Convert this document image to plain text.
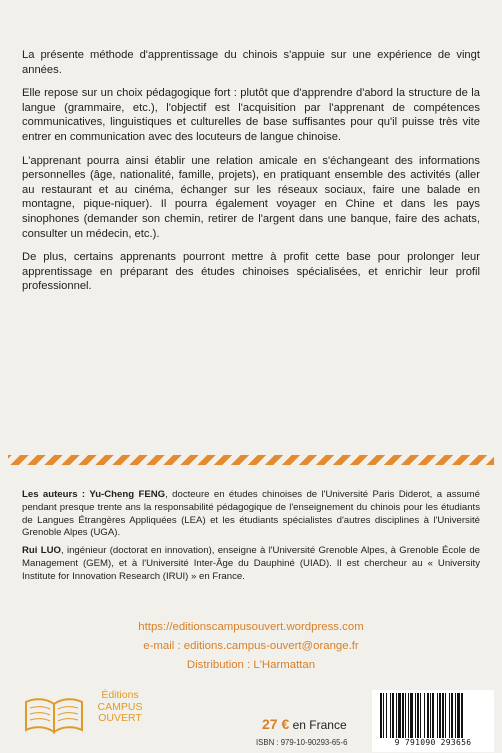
La présente méthode d'apprentissage du chinois s'appuie sur une expérience de vingt années.

Elle repose sur un choix pédagogique fort : plutôt que d'apprendre d'abord la structure de la langue (grammaire, etc.), l'objectif est l'acquisition par l'apprenant de compétences communicatives, linguistiques et culturelles de base suffisantes pour qu'il puisse très vite entrer en communication avec des locuteurs de langue chinoise.

L'apprenant pourra ainsi établir une relation amicale en s'échangeant des informations personnelles (âge, nationalité, famille, projets), en pratiquant ensemble des activités (aller au restaurant et au cinéma, échanger sur les réseaux sociaux, faire une balade en montagne, pique-niquer). Il pourra également voyager en Chine et dans les pays sinophones (demander son chemin, retirer de l'argent dans une banque, faire des achats, consulter un médecin, etc.).

De plus, certains apprenants pourront mettre à profit cette base pour prolonger leur apprentissage en préparant des études chinoises spécialisées, et enrichir leur profil professionnel.

Les auteurs : Yu-Cheng FENG, docteure en études chinoises de l'Université Paris Diderot, a assumé pendant presque trente ans la responsabilité pédagogique de l'enseignement du chinois pour les étudiants de Langues Étrangères Appliquées (LEA) et les étudiants spécialistes d'autres disciplines à l'Université Grenoble Alpes (UGA).

Rui LUO, ingénieur (doctorat en innovation), enseigne à l'Université Grenoble Alpes, à Grenoble École de Management (GEM), et à l'Université Inter-Âge du Dauphiné (UIAD). Il est chercheur au « University Institute for Innovation Research (IRUI) » en France.

https://editionscampusouvert.wordpress.com
e-mail : editions.campus-ouvert@orange.fr
Distribution : L'Harmattan
Éditions
CAMPUS
OUVERT	27 € en France
ISBN : 979-10-90293-65-6	9 791090 293656
